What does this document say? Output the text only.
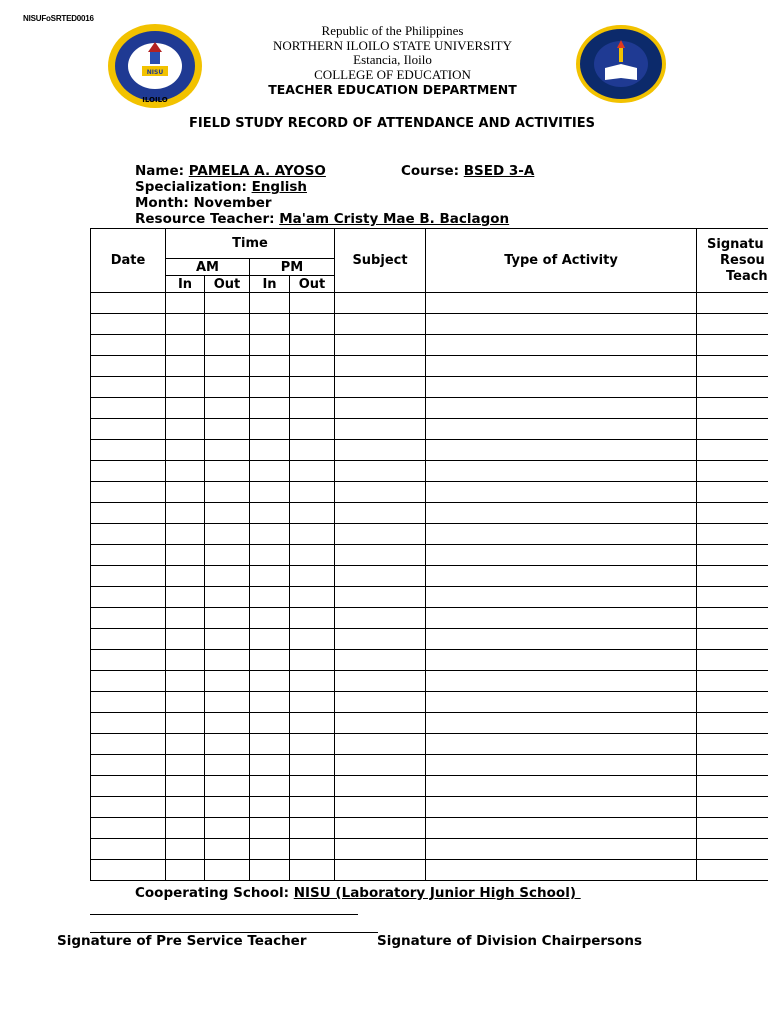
NISUFoSRTED0016
NISU
ILOILO
Republic of the Philippines
NORTHERN ILOILO STATE UNIVERSITY
Estancia, Iloilo
COLLEGE OF EDUCATION
TEACHER EDUCATION DEPARTMENT
FIELD STUDY RECORD OF ATTENDANCE AND ACTIVITIES
Name: PAMELA A. AYOSO	Course: BSED 3-A
Specialization: English
Month: November
Resource Teacher: Ma'am Cristy Mae B. Baclagon
Date	Time				Subject	Type of Activity	Signatu
Resou
Teach

	AM		PM				
	In	Out	In	Out			

Cooperating School: NISU (Laboratory Junior High School)
Signature of Pre Service Teacher	Signature of Division Chairpersons
